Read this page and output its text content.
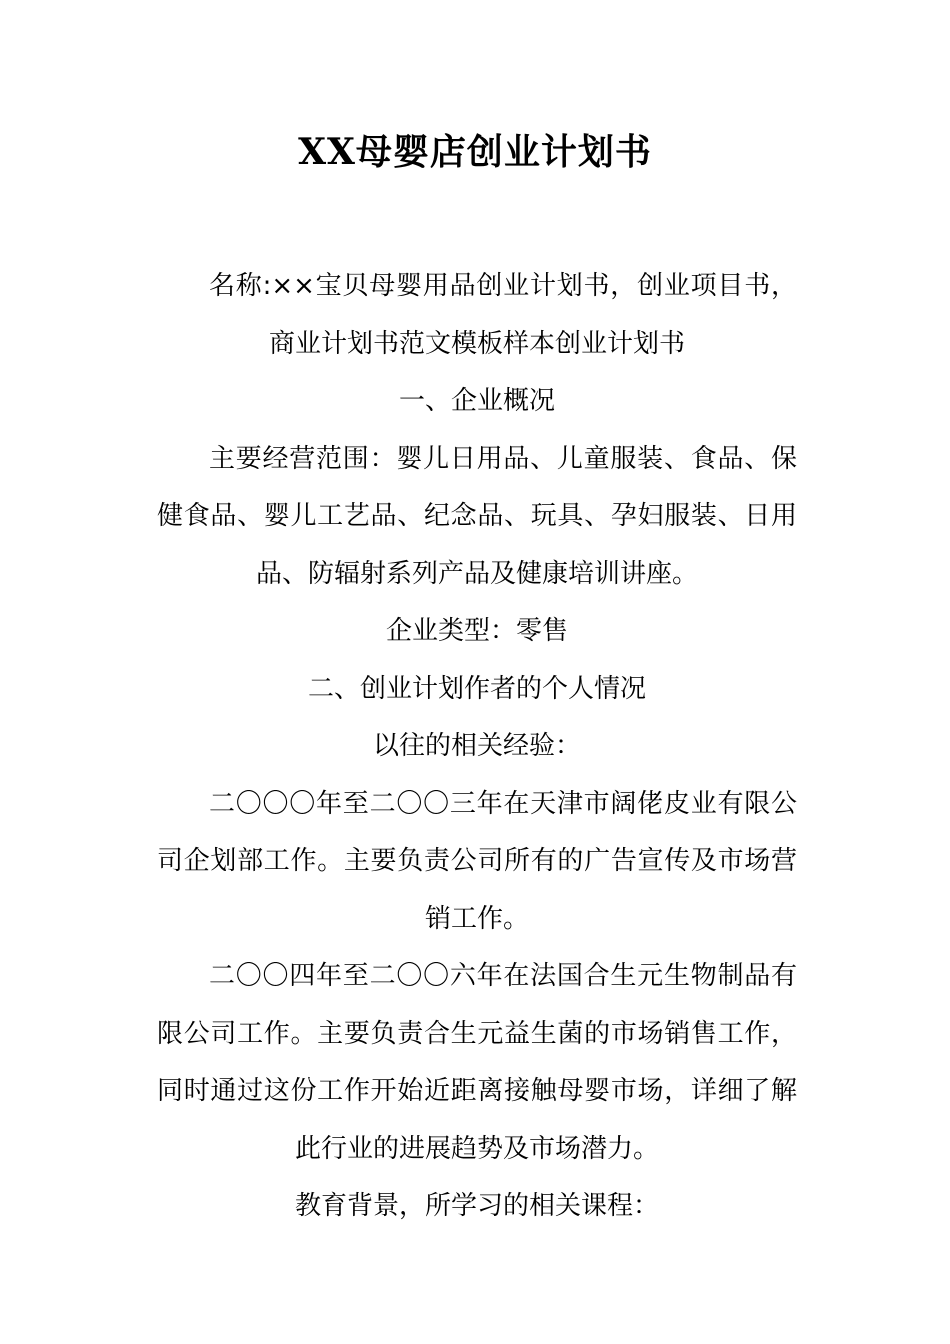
XX母婴店创业计划书

名称:××宝贝母婴用品创业计划书，创业项目书，商业计划书范文模板样本创业计划书

一、企业概况

主要经营范围：婴儿日用品、儿童服装、食品、保健食品、婴儿工艺品、纪念品、玩具、孕妇服装、日用品、防辐射系列产品及健康培训讲座。

企业类型：零售

二、创业计划作者的个人情况

以往的相关经验：

二〇〇〇年至二〇〇三年在天津市阔佬皮业有限公司企划部工作。主要负责公司所有的广告宣传及市场营销工作。

二〇〇四年至二〇〇六年在法国合生元生物制品有限公司工作。主要负责合生元益生菌的市场销售工作，同时通过这份工作开始近距离接触母婴市场，详细了解此行业的进展趋势及市场潜力。

教育背景，所学习的相关课程：
